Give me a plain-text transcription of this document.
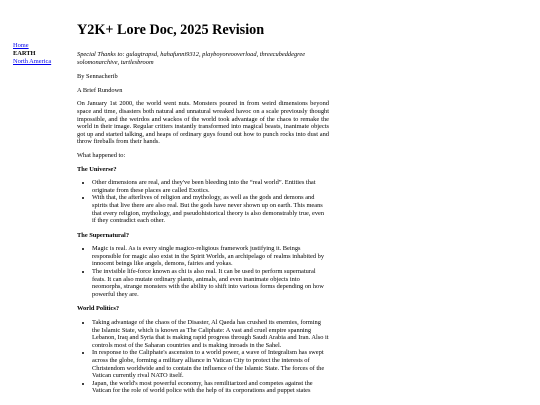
Home
EARTH
North America
Y2K+ Lore Doc, 2025 Revision

Special Thanks to: gulagtrapsd, hahafunni9312, playboyoreooverload, threecubeddegree solomonarchive, turtlesbroom

By Sennacherib

A Brief Rundown

On January 1st 2000, the world went nuts. Monsters poured in from weird dimensions beyond space and time, disasters both natural and unnatural wreaked havoc on a scale previously thought impossible, and the weirdos and wackos of the world took advantage of the chaos to remake the world in their image. Regular critters instantly transformed into magical beasts, inanimate objects got up and started talking, and heaps of ordinary guys found out how to punch rocks into dust and throw fireballs from their hands.

What happened to:

The Universe?
• Other dimensions are real, and they've been bleeding into the “real world”. Entities that originate from these places are called Exotics.
• With that, the afterlives of religion and mythology, as well as the gods and demons and spirits that live there are also real. But the gods have never shown up on earth. This means that every religion, mythology, and pseudohistorical theory is also demonstrably true, even if they contradict each other.
The Supernatural?
• Magic is real. As is every single magico-religious framework justifying it. Beings responsible for magic also exist in the Spirit Worlds, an archipelago of realms inhabited by innocent beings like angels, demons, fairies and yokas.
• The invisible life-force known as chi is also real. It can be used to perform supernatural feats. It can also mutate ordinary plants, animals, and even inanimate objects into neomorphs, strange monsters with the ability to shift into various forms depending on how powerful they are.
World Politics?
• Taking advantage of the chaos of the Disaster, Al Qaeda has crushed its enemies, forming the Islamic State, which is known as The Caliphate: A vast and cruel empire spanning Lebanon, Iraq and Syria that is making rapid progress through Saudi Arabia and Iran. Also it controls most of the Saharan countries and is making inroads in the Sahel.
• In response to the Caliphate's ascension to a world power, a wave of Integralism has swept across the globe, forming a military alliance in Vatican City to protect the interests of Christendom worldwide and to contain the influence of the Islamic State. The forces of the Vatican currently rival NATO itself.
• Japan, the world's most powerful economy, has remilitarized and competes against the Vatican for the role of world police with the help of its corporations and puppet states
